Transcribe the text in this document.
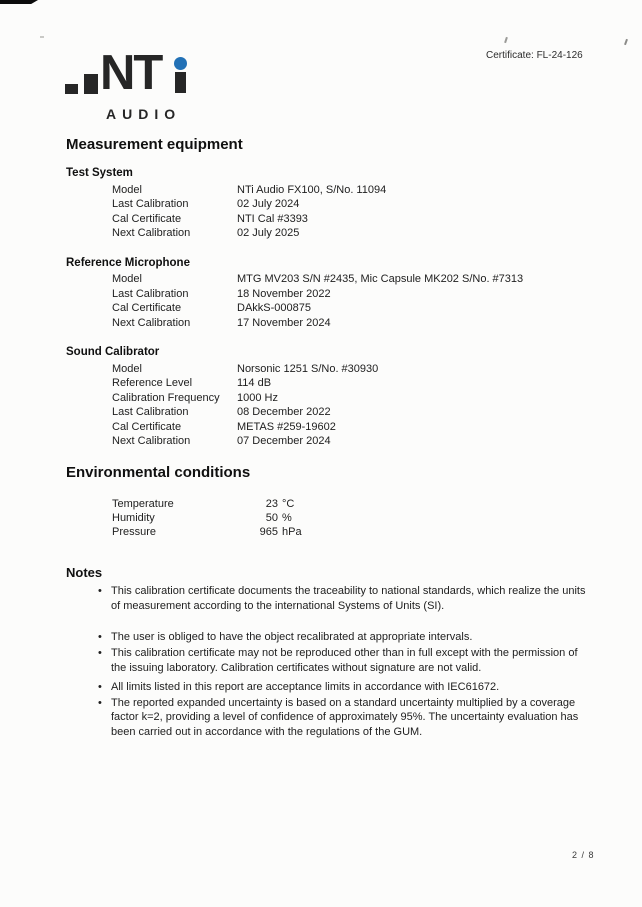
Certificate: FL-24-126
NT
AUDIO
Measurement equipment
Test System
Model	NTi Audio FX100, S/No. 11094
Last Calibration	02 July 2024
Cal Certificate	NTI Cal #3393
Next Calibration	02 July 2025
Reference Microphone
Model	MTG MV203 S/N #2435, Mic Capsule MK202 S/No. #7313
Last Calibration	18 November 2022
Cal Certificate	DAkkS-000875
Next Calibration	17 November 2024
Sound Calibrator
Model	Norsonic 1251 S/No. #30930
Reference Level	114 dB
Calibration Frequency 1000 Hz
Last Calibration	08 December 2022
Cal Certificate	METAS #259-19602
Next Calibration	07 December 2024
Environmental conditions
Temperature	23 °C
Humidity	50 %
Pressure	965 hPa
Notes
• This calibration certificate documents the traceability to national standards, which realize the units of measurement according to the international Systems of Units (SI).
• The user is obliged to have the object recalibrated at appropriate intervals.
• This calibration certificate may not be reproduced other than in full except with the permission of the issuing laboratory. Calibration certificates without signature are not valid.
• All limits listed in this report are acceptance limits in accordance with IEC61672.
• The reported expanded uncertainty is based on a standard uncertainty multiplied by a coverage factor k=2, providing a level of confidence of approximately 95%. The uncertainty evaluation has been carried out in accordance with the regulations of the GUM.
2 / 8
